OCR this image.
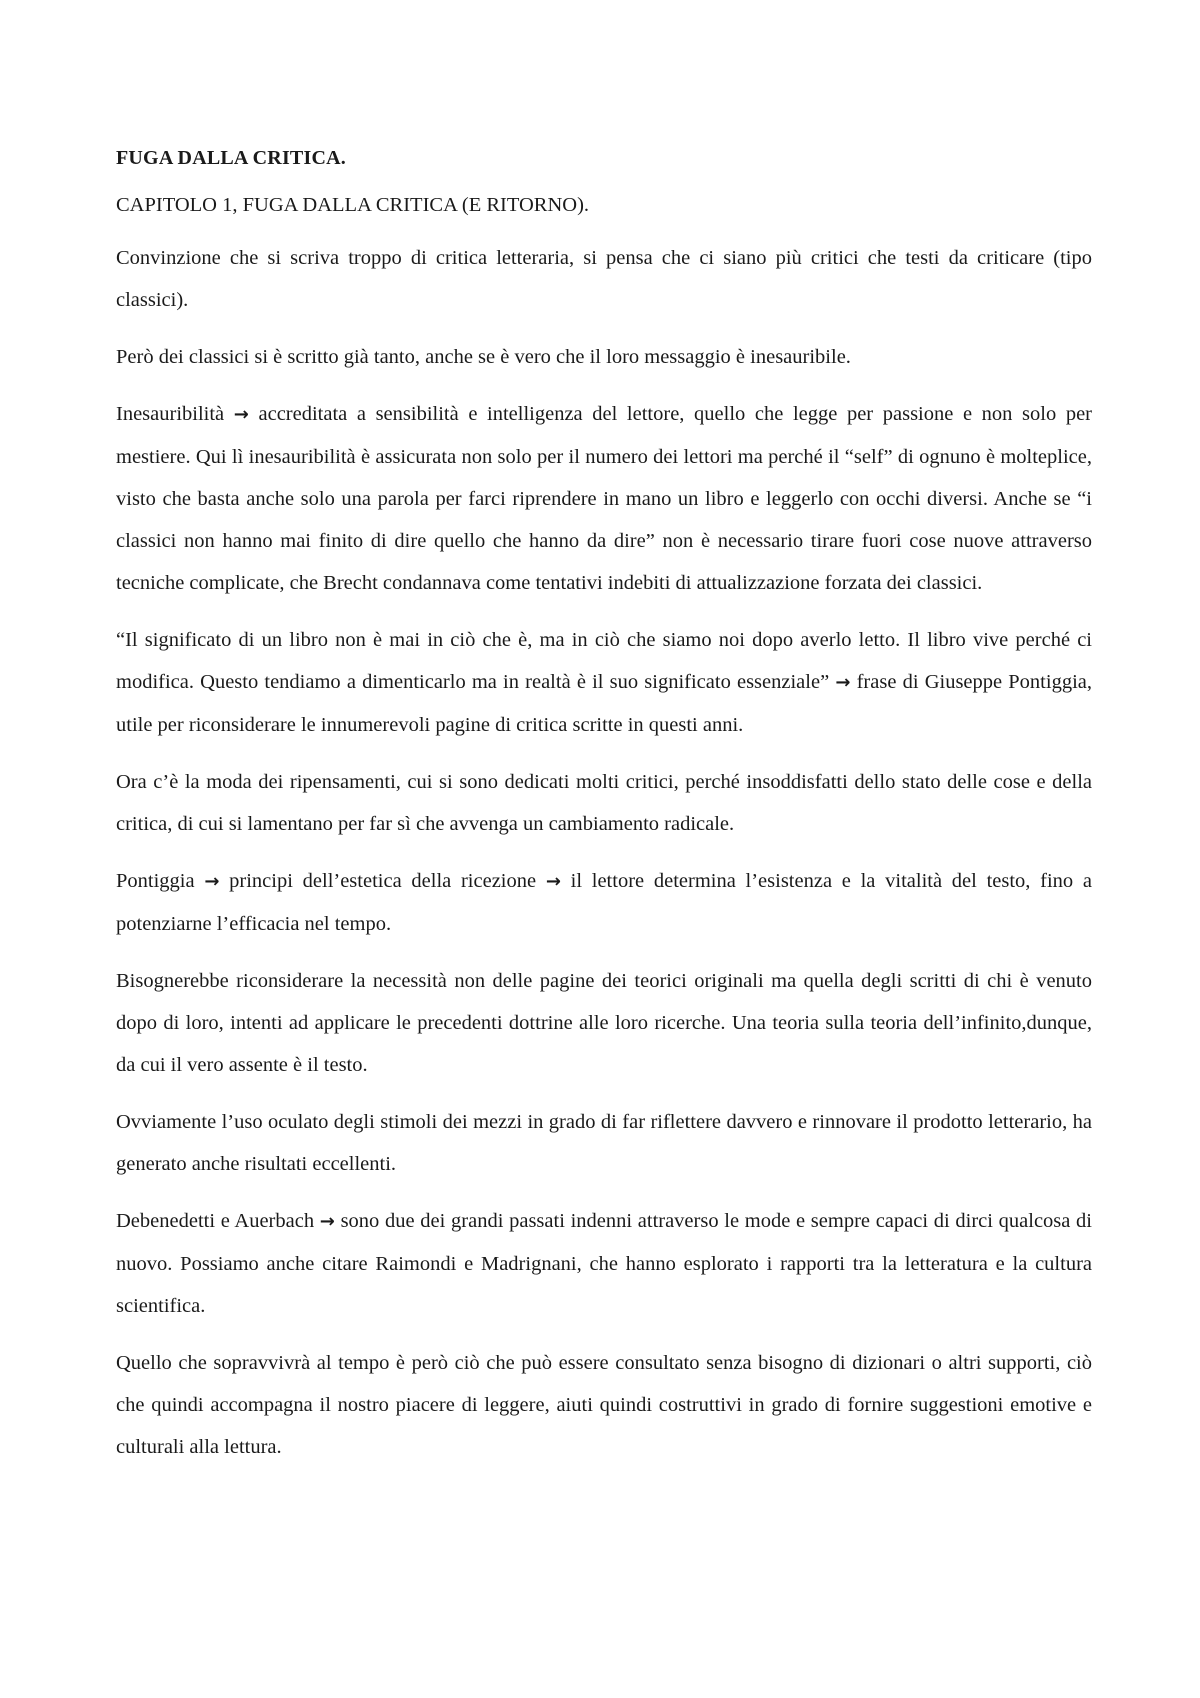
FUGA DALLA CRITICA.

CAPITOLO 1, FUGA DALLA CRITICA (E RITORNO).

Convinzione che si scriva troppo di critica letteraria, si pensa che ci siano più critici che testi da criticare (tipo classici).

Però dei classici si è scritto già tanto, anche se è vero che il loro messaggio è inesauribile.

Inesauribilità → accreditata a sensibilità e intelligenza del lettore, quello che legge per passione e non solo per mestiere. Qui lì inesauribilità è assicurata non solo per il numero dei lettori ma perché il “self” di ognuno è molteplice, visto che basta anche solo una parola per farci riprendere in mano un libro e leggerlo con occhi diversi. Anche se “i classici non hanno mai finito di dire quello che hanno da dire” non è necessario tirare fuori cose nuove attraverso tecniche complicate, che Brecht condannava come tentativi indebiti di attualizzazione forzata dei classici.

“Il significato di un libro non è mai in ciò che è, ma in ciò che siamo noi dopo averlo letto. Il libro vive perché ci modifica. Questo tendiamo a dimenticarlo ma in realtà è il suo significato essenziale” → frase di Giuseppe Pontiggia, utile per riconsiderare le innumerevoli pagine di critica scritte in questi anni.

Ora c’è la moda dei ripensamenti, cui si sono dedicati molti critici, perché insoddisfatti dello stato delle cose e della critica, di cui si lamentano per far sì che avvenga un cambiamento radicale.

Pontiggia → principi dell’estetica della ricezione → il lettore determina l’esistenza e la vitalità del testo, fino a potenziarne l’efficacia nel tempo.

Bisognerebbe riconsiderare la necessità non delle pagine dei teorici originali ma quella degli scritti di chi è venuto dopo di loro, intenti ad applicare le precedenti dottrine alle loro ricerche. Una teoria sulla teoria dell’infinito,dunque, da cui il vero assente è il testo.

Ovviamente l’uso oculato degli stimoli dei mezzi in grado di far riflettere davvero e rinnovare il prodotto letterario, ha generato anche risultati eccellenti.

Debenedetti e Auerbach → sono due dei grandi passati indenni attraverso le mode e sempre capaci di dirci qualcosa di nuovo. Possiamo anche citare Raimondi e Madrignani, che hanno esplorato i rapporti tra la letteratura e la cultura scientifica.

Quello che sopravvivrà al tempo è però ciò che può essere consultato senza bisogno di dizionari o altri supporti, ciò che quindi accompagna il nostro piacere di leggere, aiuti quindi costruttivi in grado di fornire suggestioni emotive e culturali alla lettura.
